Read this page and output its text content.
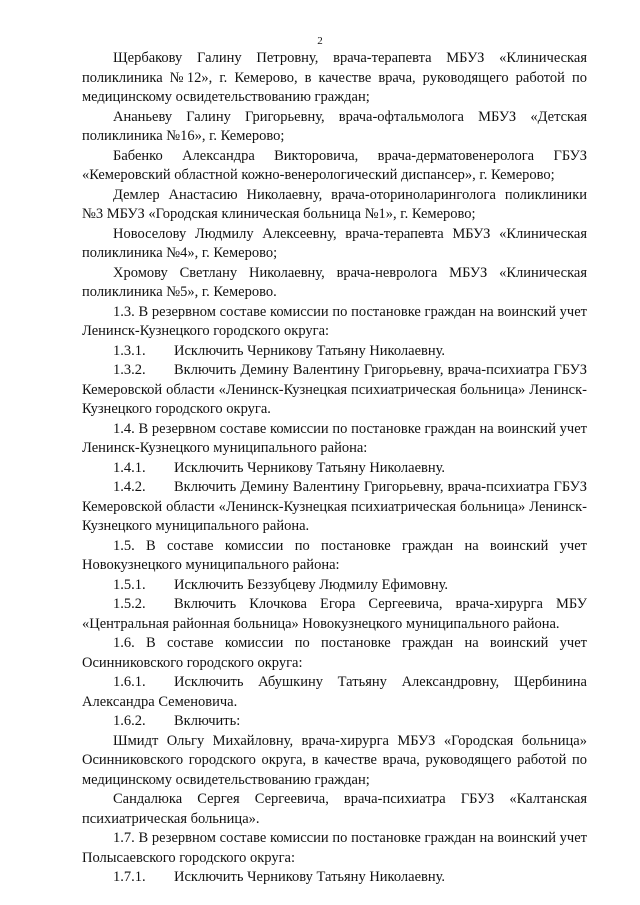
2

Щербакову Галину Петровну, врача-терапевта МБУЗ «Клиническая поликлиника №12», г. Кемерово, в качестве врача, руководящего работой по медицинскому освидетельствованию граждан;

Ананьеву Галину Григорьевну, врача-офтальмолога МБУЗ «Детская поликлиника №16», г. Кемерово;

Бабенко Александра Викторовича, врача-дерматовенеролога ГБУЗ «Кемеровский областной кожно-венерологический диспансер», г. Кемерово;

Демлер Анастасию Николаевну, врача-оториноларинголога поликлиники №3 МБУЗ «Городская клиническая больница №1», г. Кемерово;

Новоселову Людмилу Алексеевну, врача-терапевта МБУЗ «Клиническая поликлиника №4», г. Кемерово;

Хромову Светлану Николаевну, врача-невролога МБУЗ «Клиническая поликлиника №5», г. Кемерово.

1.3. В резервном составе комиссии по постановке граждан на воинский учет Ленинск-Кузнецкого городского округа:

1.3.1. Исключить Черникову Татьяну Николаевну.

1.3.2. Включить Демину Валентину Григорьевну, врача-психиатра ГБУЗ Кемеровской области «Ленинск-Кузнецкая психиатрическая больница» Ленинск-Кузнецкого городского округа.

1.4. В резервном составе комиссии по постановке граждан на воинский учет Ленинск-Кузнецкого муниципального района:

1.4.1. Исключить Черникову Татьяну Николаевну.

1.4.2. Включить Демину Валентину Григорьевну, врача-психиатра ГБУЗ Кемеровской области «Ленинск-Кузнецкая психиатрическая больница» Ленинск-Кузнецкого муниципального района.

1.5. В составе комиссии по постановке граждан на воинский учет Новокузнецкого муниципального района:

1.5.1. Исключить Беззубцеву Людмилу Ефимовну.

1.5.2. Включить Клочкова Егора Сергеевича, врача-хирурга МБУ «Центральная районная больница» Новокузнецкого муниципального района.

1.6. В составе комиссии по постановке граждан на воинский учет Осинниковского городского округа:

1.6.1. Исключить Абушкину Татьяну Александровну, Щербинина Александра Семеновича.

1.6.2. Включить:

Шмидт Ольгу Михайловну, врача-хирурга МБУЗ «Городская больница» Осинниковского городского округа, в качестве врача, руководящего работой по медицинскому освидетельствованию граждан;

Сандалюка Сергея Сергеевича, врача-психиатра ГБУЗ «Калтанская психиатрическая больница».

1.7. В резервном составе комиссии по постановке граждан на воинский учет Полысаевского городского округа:

1.7.1. Исключить Черникову Татьяну Николаевну.
